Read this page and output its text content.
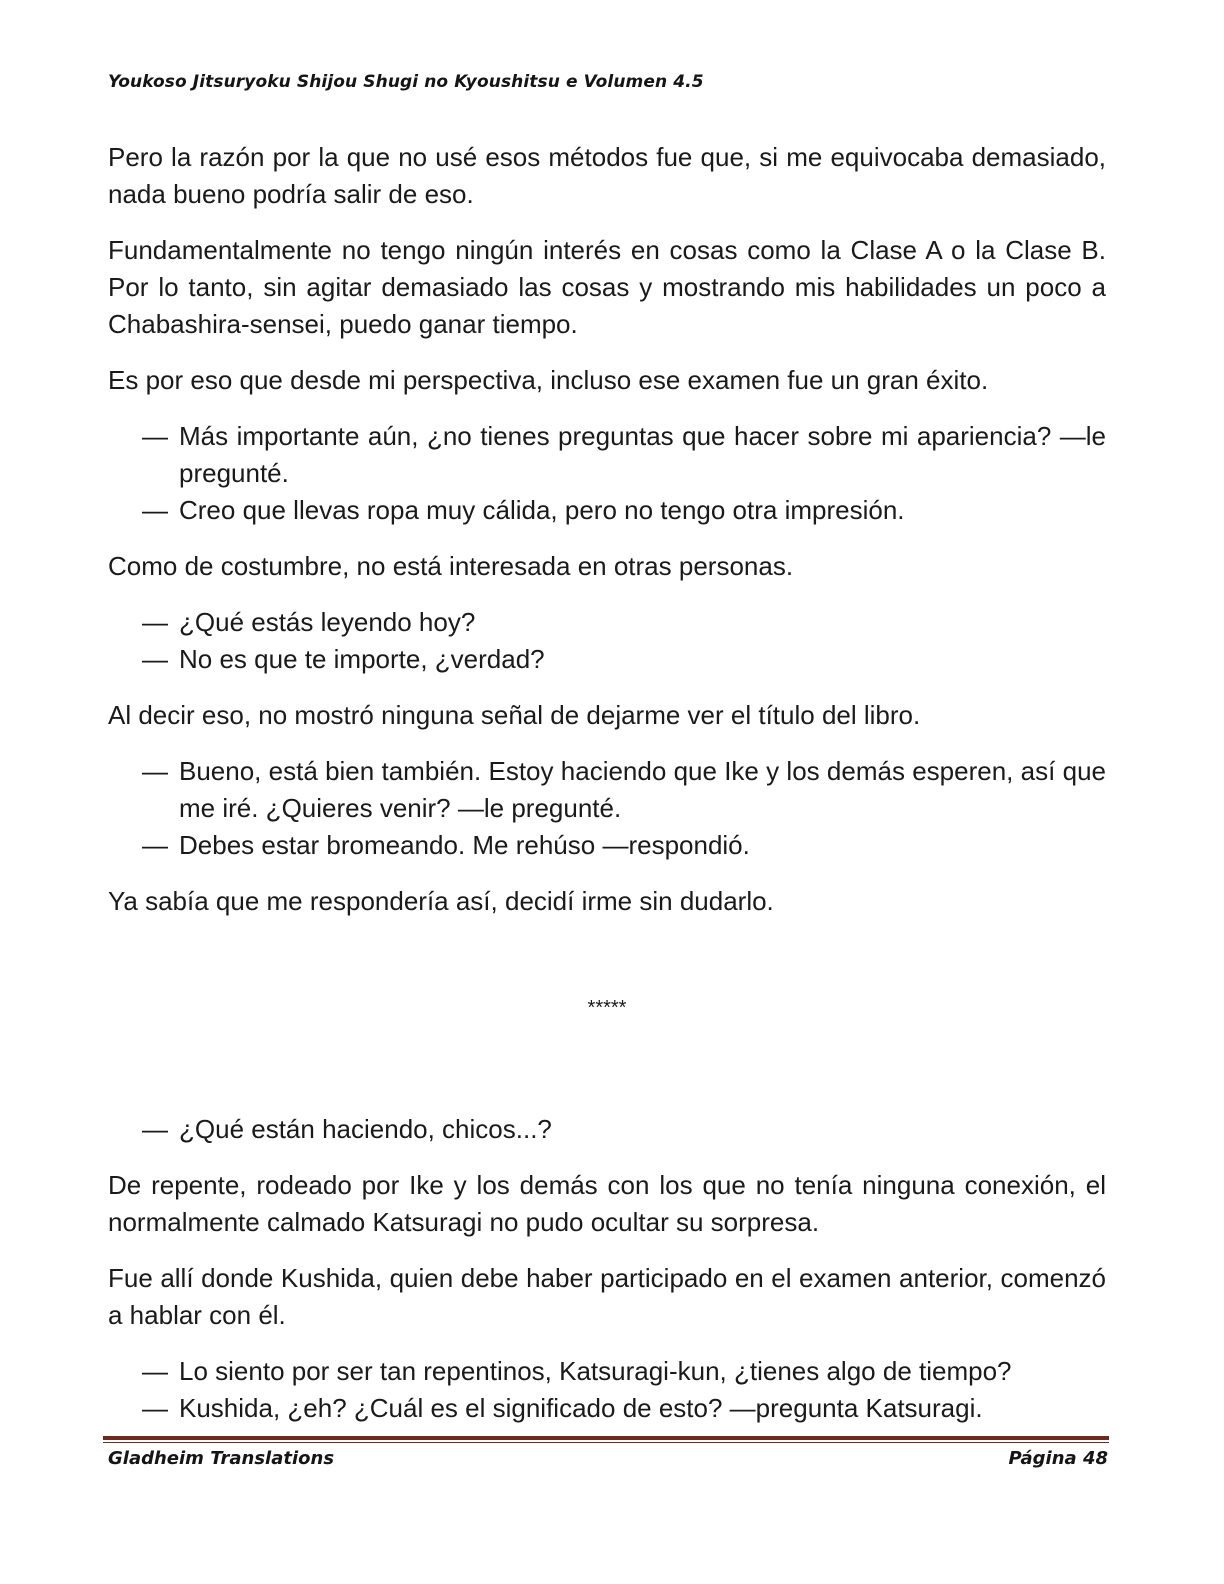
Youkoso Jitsuryoku Shijou Shugi no Kyoushitsu e Volumen 4.5

Pero la razón por la que no usé esos métodos fue que, si me equivocaba demasiado, nada bueno podría salir de eso.

Fundamentalmente no tengo ningún interés en cosas como la Clase A o la Clase B. Por lo tanto, sin agitar demasiado las cosas y mostrando mis habilidades un poco a Chabashira-sensei, puedo ganar tiempo.

Es por eso que desde mi perspectiva, incluso ese examen fue un gran éxito.

— Más importante aún, ¿no tienes preguntas que hacer sobre mi apariencia? —le pregunté.

— Creo que llevas ropa muy cálida, pero no tengo otra impresión.

Como de costumbre, no está interesada en otras personas.

— ¿Qué estás leyendo hoy?

— No es que te importe, ¿verdad?

Al decir eso, no mostró ninguna señal de dejarme ver el título del libro.

— Bueno, está bien también. Estoy haciendo que Ike y los demás esperen, así que me iré. ¿Quieres venir? —le pregunté.

— Debes estar bromeando. Me rehúso —respondió.

Ya sabía que me respondería así, decidí irme sin dudarlo.

*****

— ¿Qué están haciendo, chicos...?

De repente, rodeado por Ike y los demás con los que no tenía ninguna conexión, el normalmente calmado Katsuragi no pudo ocultar su sorpresa.

Fue allí donde Kushida, quien debe haber participado en el examen anterior, comenzó a hablar con él.

— Lo siento por ser tan repentinos, Katsuragi-kun, ¿tienes algo de tiempo?

— Kushida, ¿eh? ¿Cuál es el significado de esto? —pregunta Katsuragi.

Gladheim Translations	Página 48
